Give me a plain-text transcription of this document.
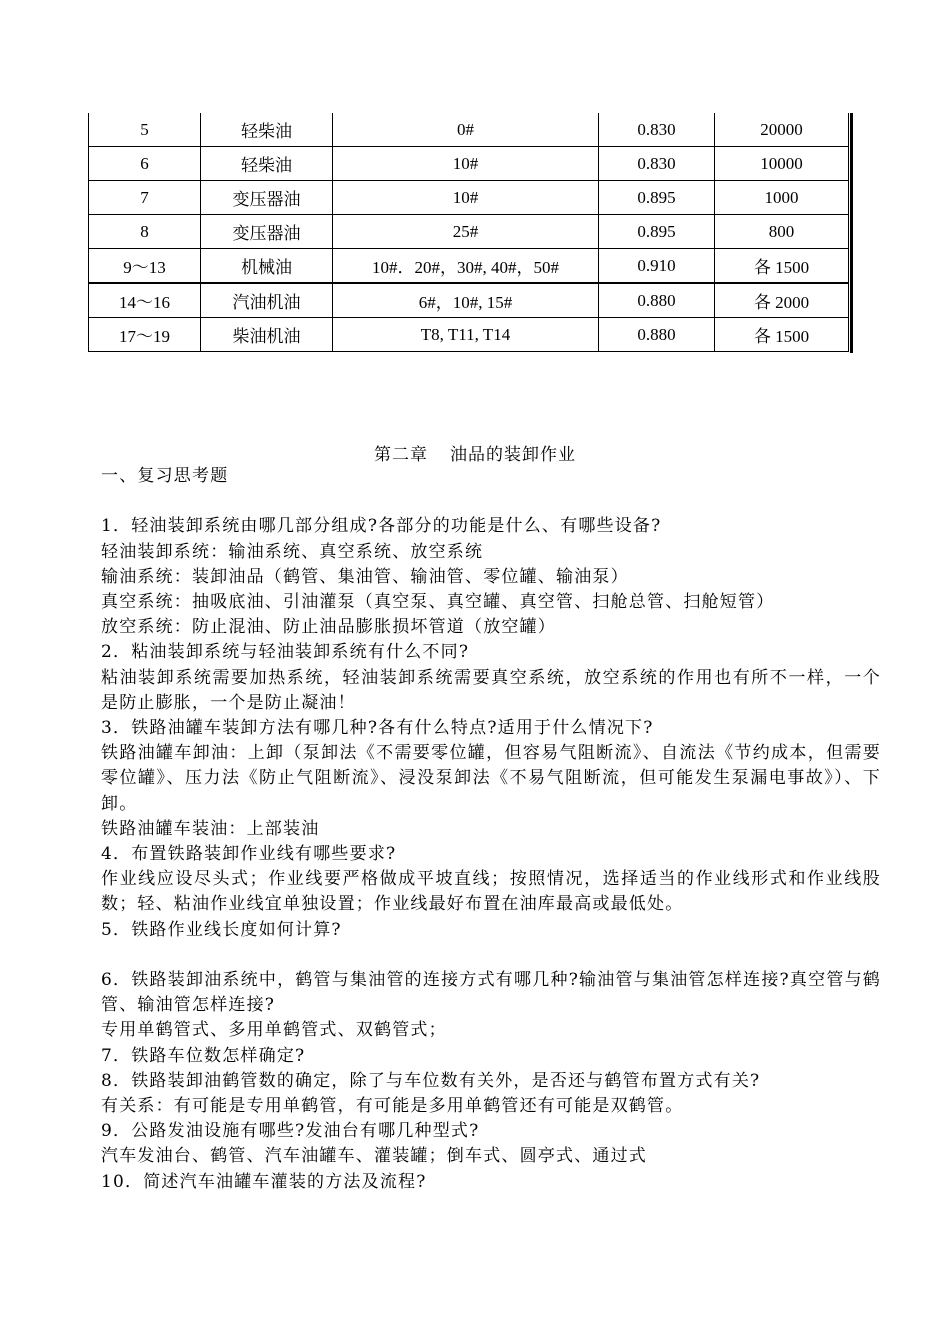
5	轻柴油	0#	0.830	20000
6	轻柴油	10#	0.830	10000
7	变压器油	10#	0.895	1000
8	变压器油	25#	0.895	800
9～13	机械油	10#．20#，30#, 40#，50#	0.910	各 1500
14～16	汽油机油	6#，10#, 15#	0.880	各 2000
17～19	柴油机油	T8, T11, T14	0.880	各 1500
第二章 油品的装卸作业

一、复习思考题

1．轻油装卸系统由哪几部分组成?各部分的功能是什么、有哪些设备?

轻油装卸系统：输油系统、真空系统、放空系统

输油系统：装卸油品（鹤管、集油管、输油管、零位罐、输油泵）

真空系统：抽吸底油、引油灌泵（真空泵、真空罐、真空管、扫舱总管、扫舱短管）

放空系统：防止混油、防止油品膨胀损坏管道（放空罐）

2．粘油装卸系统与轻油装卸系统有什么不同?

粘油装卸系统需要加热系统，轻油装卸系统需要真空系统，放空系统的作用也有所不一样，一个是防止膨胀，一个是防止凝油！

3．铁路油罐车装卸方法有哪几种?各有什么特点?适用于什么情况下?

铁路油罐车卸油：上卸（泵卸法《不需要零位罐，但容易气阻断流》、自流法《节约成本，但需要零位罐》、压力法《防止气阻断流》、浸没泵卸法《不易气阻断流，但可能发生泵漏电事故》）、下卸。

铁路油罐车装油：上部装油

4．布置铁路装卸作业线有哪些要求?

作业线应设尽头式；作业线要严格做成平坡直线；按照情况，选择适当的作业线形式和作业线股数；轻、粘油作业线宜单独设置；作业线最好布置在油库最高或最低处。

5．铁路作业线长度如何计算?

6．铁路装卸油系统中，鹤管与集油管的连接方式有哪几种?输油管与集油管怎样连接?真空管与鹤管、输油管怎样连接?

专用单鹤管式、多用单鹤管式、双鹤管式；

7．铁路车位数怎样确定?

8．铁路装卸油鹤管数的确定，除了与车位数有关外，是否还与鹤管布置方式有关?

有关系：有可能是专用单鹤管，有可能是多用单鹤管还有可能是双鹤管。

9．公路发油设施有哪些?发油台有哪几种型式?

汽车发油台、鹤管、汽车油罐车、灌装罐；倒车式、圆亭式、通过式

10．简述汽车油罐车灌装的方法及流程?
